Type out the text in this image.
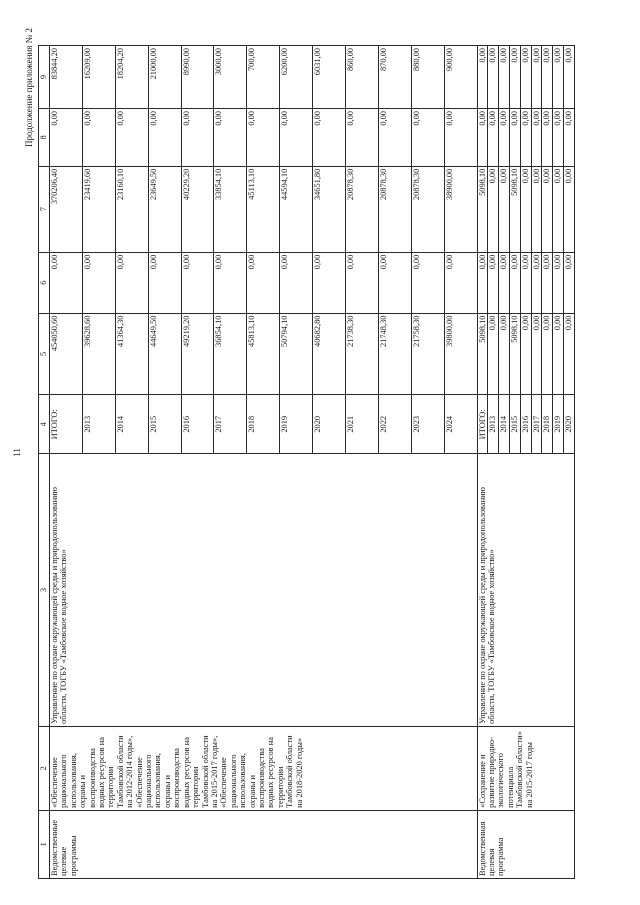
11
Продолжение приложения № 2
1	2	3	4	5	6	7	8	9
Ведомственные целевые программы	«Обеспечение рационального использования, охраны и воспроизводства водных ресурсов на территории Тамбовской области на 2012-2014 годы», «Обеспечение рационального использования, охраны и воспроизводства водных ресурсов на территории Тамбовской области на 2015-2017 годы», «Обеспечение рационального использования, охраны и воспроизводства водных ресурсов на территории Тамбовской области на 2018-2020 годы»	Управление по охране окружающей среды и природопользованию области, ТОГБУ «Тамбовское водное хозяйство»	ИТОГО:	454050,60	0,00	370206,40	0,00	83844,20
			2013	39628,60	0,00	23419,60	0,00	16209,00
			2014	41364,30	0,00	23160,10	0,00	18204,20
			2015	44649,50	0,00	23649,50	0,00	21000,00
			2016	49219,20	0,00	40229,20	0,00	8990,00
			2017	36854,10	0,00	33854,10	0,00	3000,00
			2018	45813,10	0,00	45113,10	0,00	700,00
			2019	50794,10	0,00	44594,10	0,00	6200,00
			2020	40682,80	0,00	34651,80	0,00	6031,00
			2021	21738,30	0,00	20878,30	0,00	860,00
			2022	21748,30	0,00	20878,30	0,00	870,00
			2023	21758,30	0,00	20878,30	0,00	880,00
			2024	39800,00	0,00	38900,00	0,00	900,00
Ведомственная целевая программа	«Сохранение и развитие природно-экологического потенциала Тамбовской области» на 2015-2017 годы	Управление по охране окружающей среды и природопользованию области, ТОГБУ «Тамбовское водное хозяйство»	ИТОГО:	5098,10	0,00	5098,10	0,00	0,00
			2013	0,00	0,00	0,00	0,00	0,00
			2014	0,00	0,00	0,00	0,00	0,00
			2015	5098,10	0,00	5098,10	0,00	0,00
			2016	0,00	0,00	0,00	0,00	0,00
			2017	0,00	0,00	0,00	0,00	0,00
			2018	0,00	0,00	0,00	0,00	0,00
			2019	0,00	0,00	0,00	0,00	0,00
			2020	0,00	0,00	0,00	0,00	0,00
